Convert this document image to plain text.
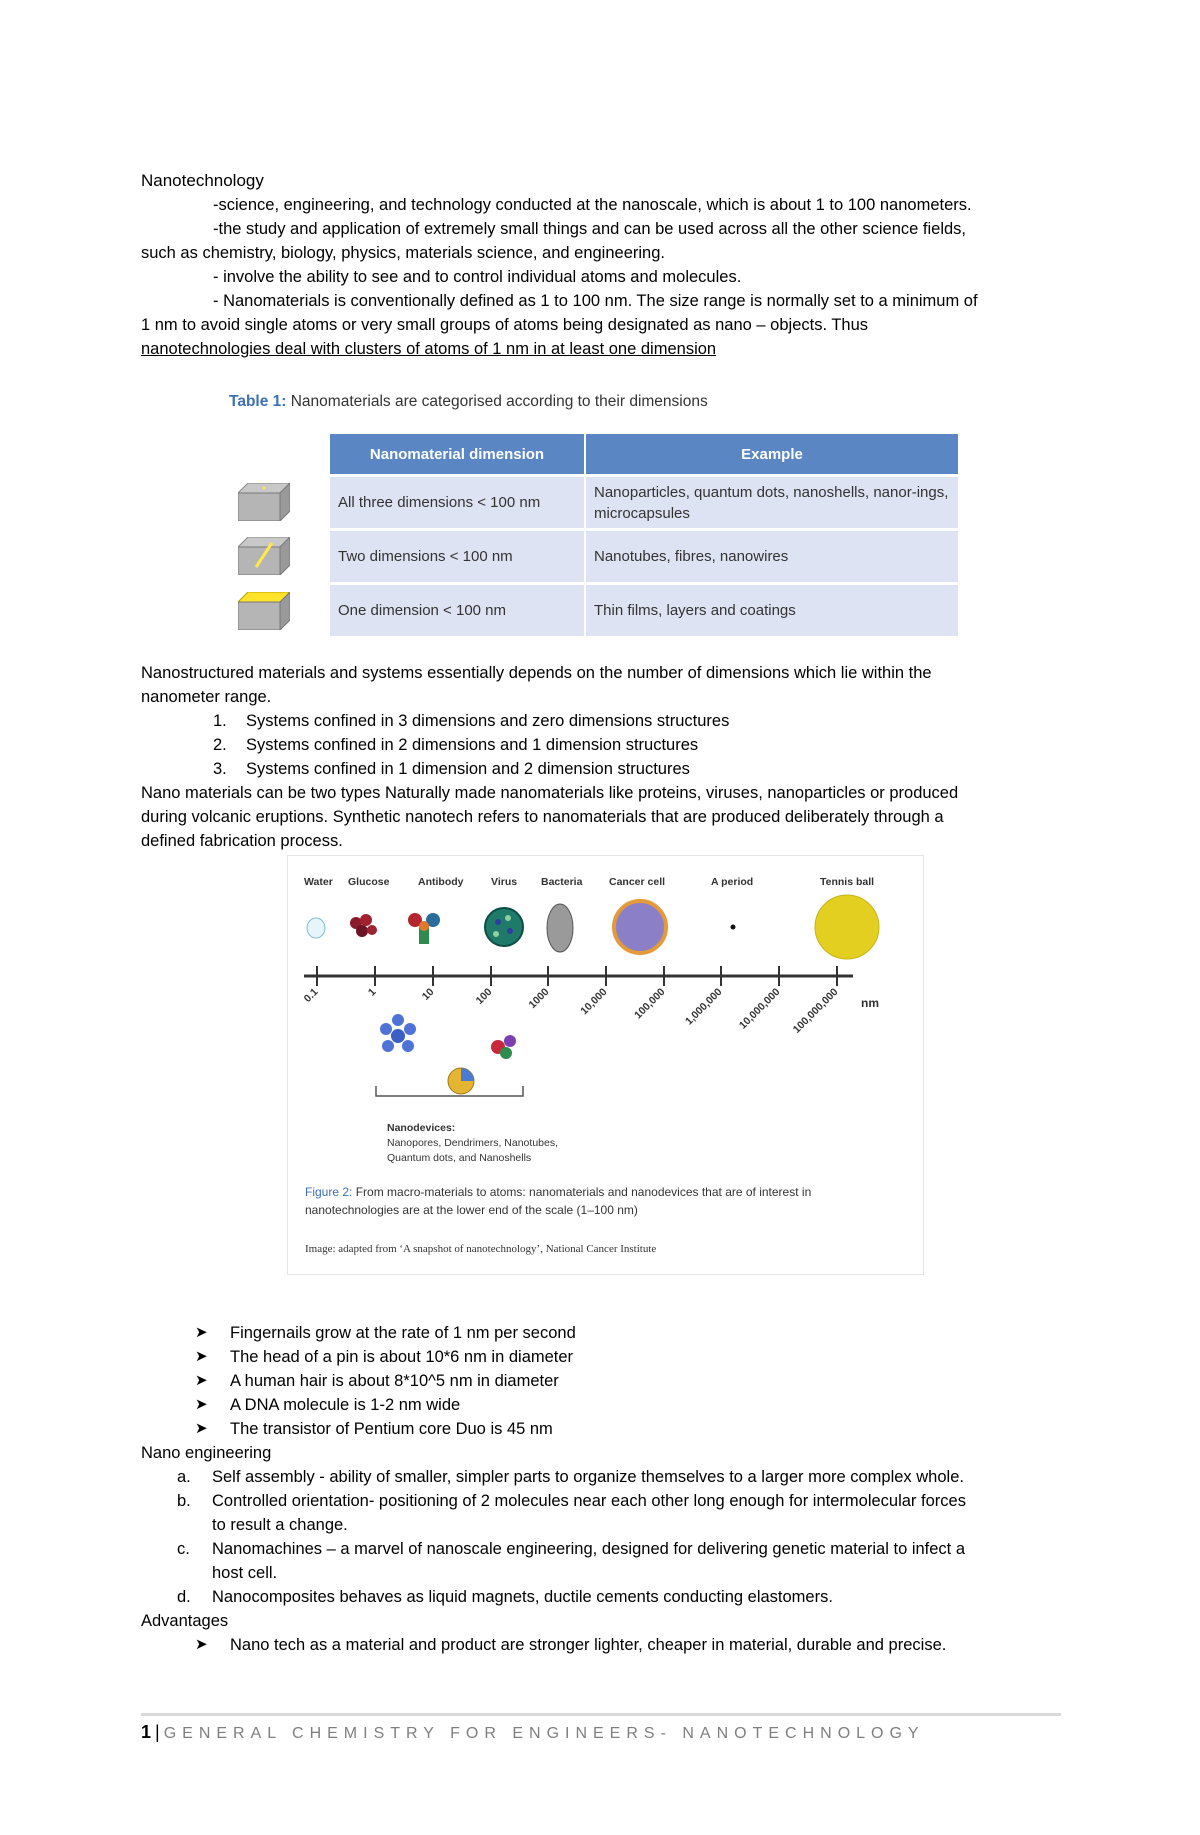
Nanotechnology
-science, engineering, and technology conducted at the nanoscale, which is about 1 to 100 nanometers.
-the study and application of extremely small things and can be used across all the other science fields,
such as chemistry, biology, physics, materials science, and engineering.
- involve the ability to see and to control individual atoms and molecules.
- Nanomaterials is conventionally defined as 1 to 100 nm. The size range is normally set to a minimum of
1 nm to avoid single atoms or very small groups of atoms being designated as nano – objects. Thus
nanotechnologies deal with clusters of atoms of 1 nm in at least one dimension
Table 1: Nanomaterials are categorised according to their dimensions
Nanomaterial dimension	Example
All three dimensions < 100 nm	Nanoparticles, quantum dots, nanoshells, nanor-ings, microcapsules
Two dimensions < 100 nm	Nanotubes, fibres, nanowires
One dimension < 100 nm	Thin films, layers and coatings
Nanostructured materials and systems essentially depends on the number of dimensions which lie within the
nanometer range.
1. Systems confined in 3 dimensions and zero dimensions structures
2. Systems confined in 2 dimensions and 1 dimension structures
3. Systems confined in 1 dimension and 2 dimension structures
Nano materials can be two types Naturally made nanomaterials like proteins, viruses, nanoparticles or produced
during volcanic eruptions. Synthetic nanotech refers to nanomaterials that are produced deliberately through a
defined fabrication process.
Water Glucose	Antibody	Virus Bacteria	Cancer cell	A period	Tennis ball
0.1	1	10	100	1000	10,000	100,000	1,000,000	10,000,000 100,000,000 nm
Nanodevices:
Nanopores, Dendrimers, Nanotubes,
Quantum dots, and Nanoshells
Figure 2: From macro-materials to atoms: nanomaterials and nanodevices that are of interest in nanotechnologies are at the lower end of the scale (1–100 nm)
Image: adapted from ‘A snapshot of nanotechnology’, National Cancer Institute
➤ Fingernails grow at the rate of 1 nm per second
➤ The head of a pin is about 10*6 nm in diameter
➤ A human hair is about 8*10^5 nm in diameter
➤ A DNA molecule is 1-2 nm wide
➤ The transistor of Pentium core Duo is 45 nm
Nano engineering
a. Self assembly - ability of smaller, simpler parts to organize themselves to a larger more complex whole.
b. Controlled orientation- positioning of 2 molecules near each other long enough for intermolecular forces
to result a change.
c. Nanomachines – a marvel of nanoscale engineering, designed for delivering genetic material to infect a
host cell.
d. Nanocomposites behaves as liquid magnets, ductile cements conducting elastomers.
Advantages
➤ Nano tech as a material and product are stronger lighter, cheaper in material, durable and precise.
1 | GENERAL CHEMISTRY FOR ENGINEERS- NANOTECHNOLOGY
